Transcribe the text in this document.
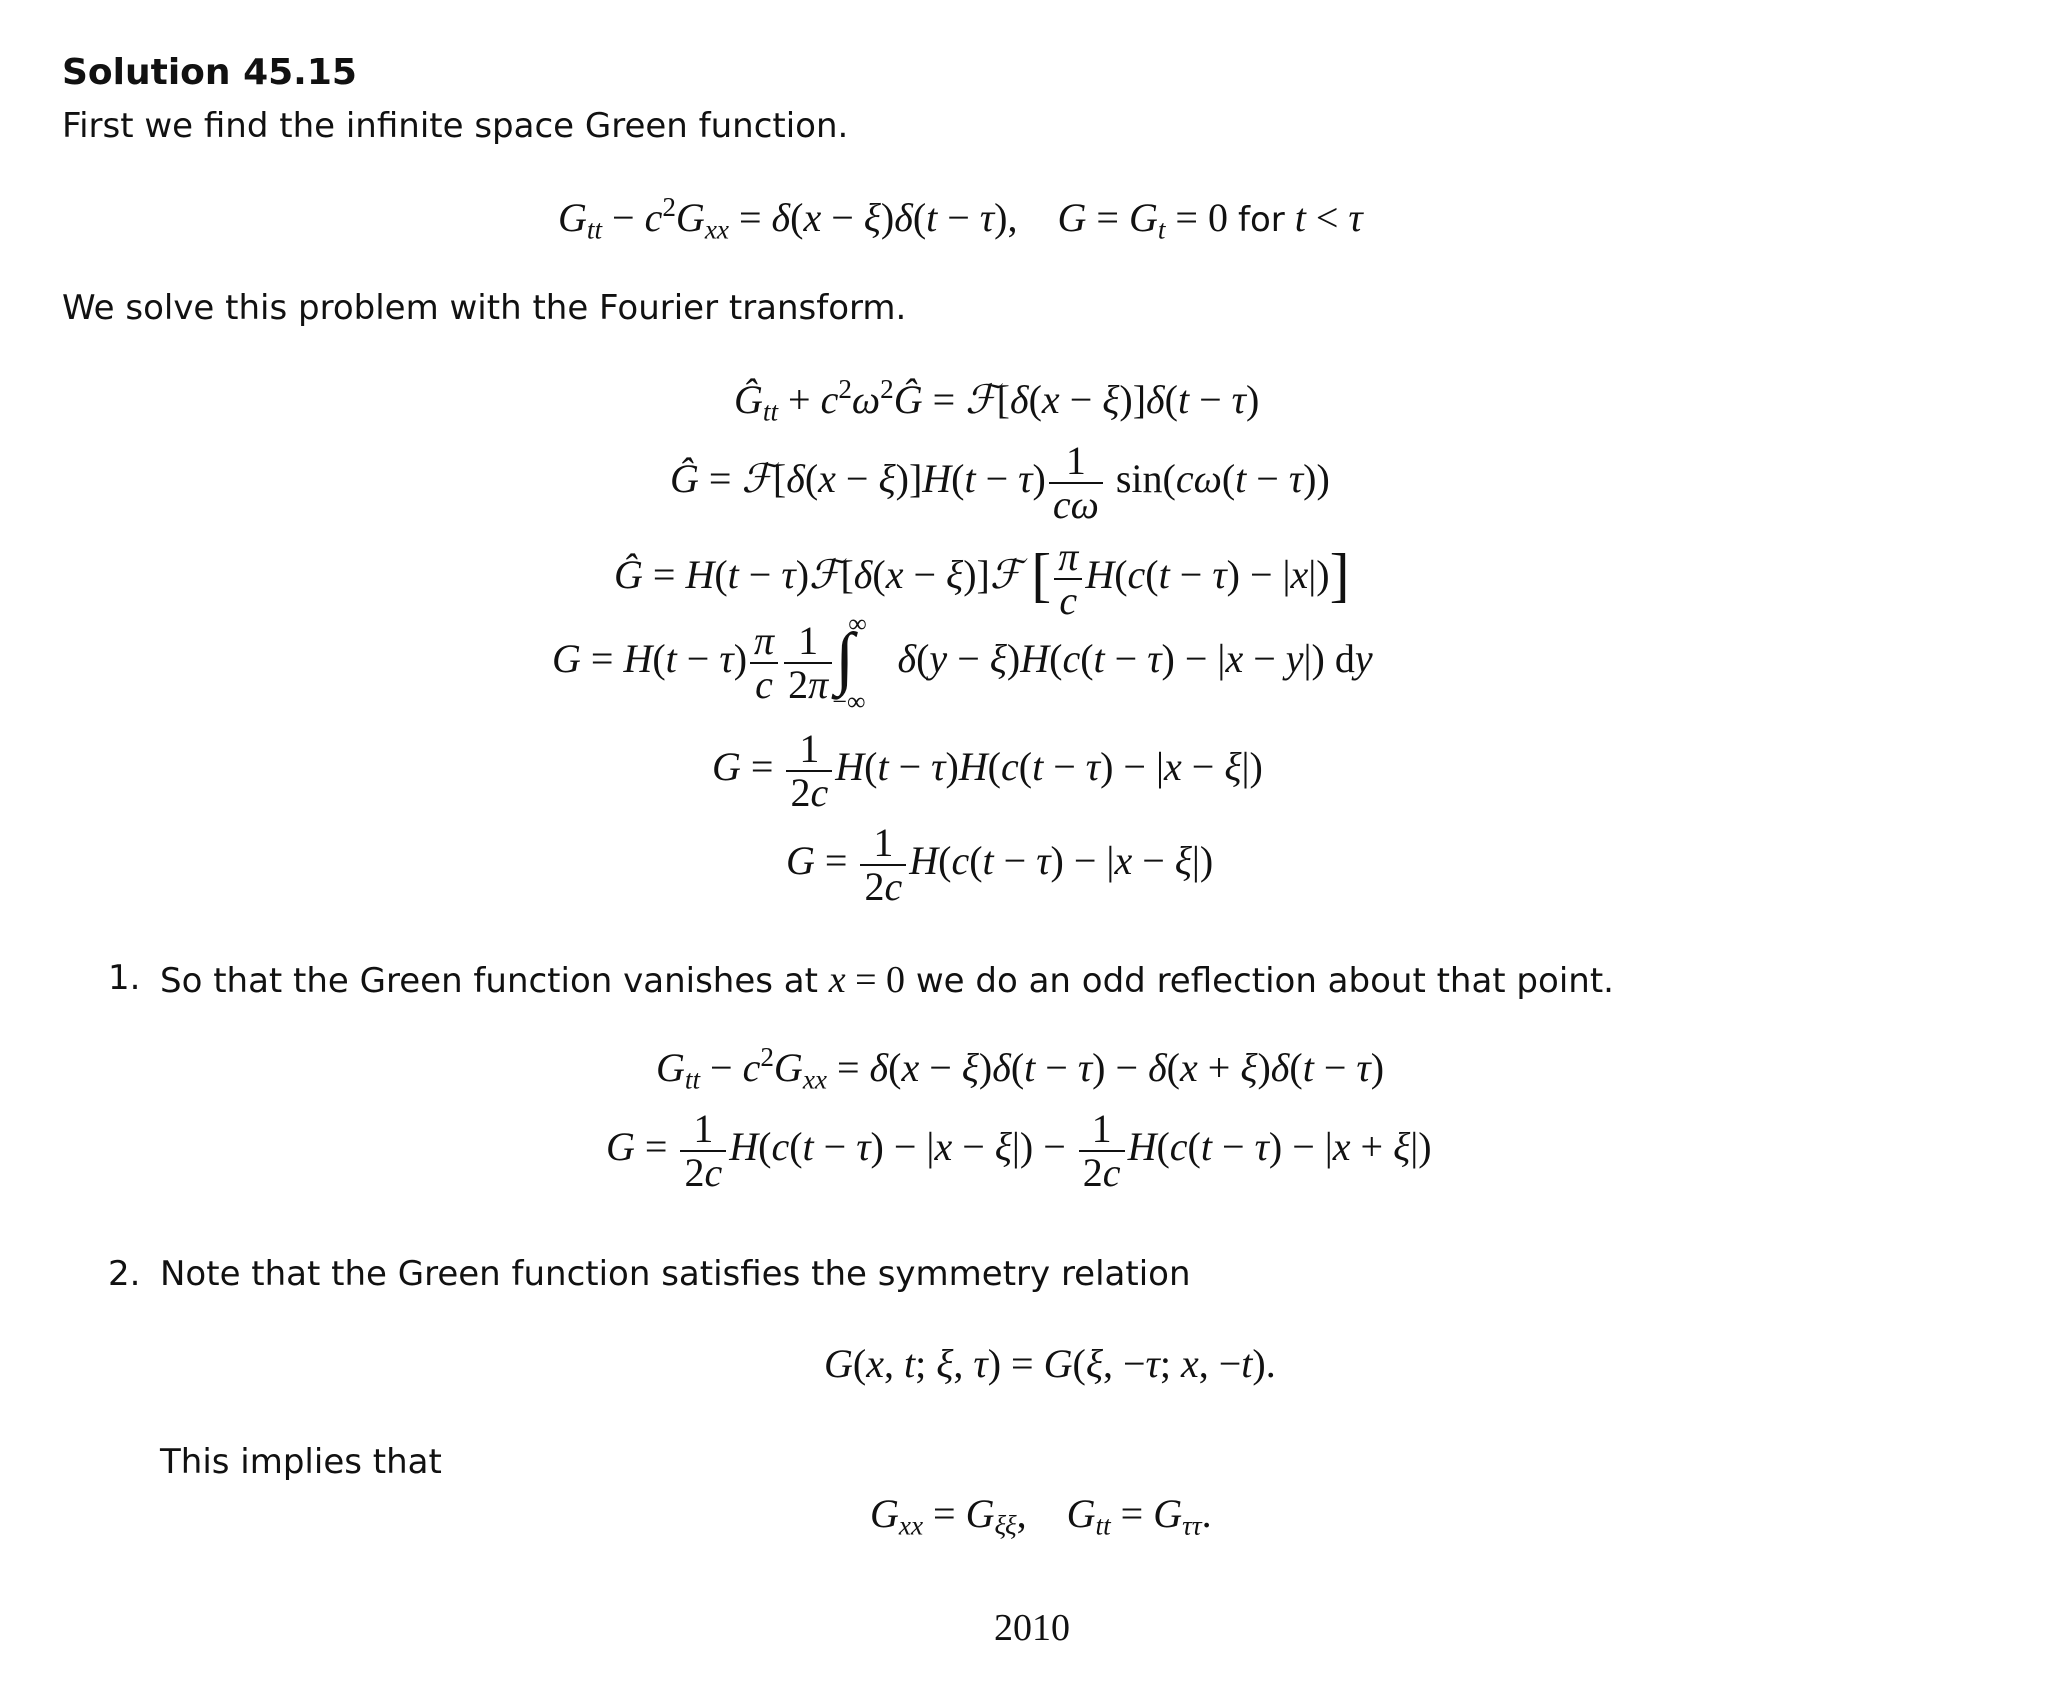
Solution 45.15
First we find the infinite space Green function.
$G_{tt} - c^2G_{xx} = \delta(x - \xi)\delta(t - \tau)$,    $G = G_t = 0$ for t < τ
We solve this problem with the Fourier transform.
$Ĝ_{tt}$ + $c^2\omega^2Ĝ$ = ℱ[δ(x − ξ)]δ(t − τ)
Ĝ = ℱ[δ(x − $\xi)]H(t - \tau) \frac{1}{c\omega} \sin(c\omega(t - \tau))$
Ĝ = H(t − τ)ℱ[δ(x − ξ)]ℱ [ $\frac{\pi}{c} H(c(t - \tau) - |x|)$]
$G = H(t - \tau) \frac{\pi}{c} \frac{1}{2\pi}$ ∫
∞
−∞
δ(y − ξ)H(c(t − τ) − |x − y|) dy
$G = \frac{1}{2c} H(t - \tau)H(c(t - \tau) - |x - \xi|)$
$G = \frac{1}{2c} H(c(t - \tau) - |x - \xi|)$
1. So that the Green function vanishes at x = 0 we do an odd reflection about that point.
$G_{tt} - c^2G_{xx} = \delta(x - \xi)\delta(t - \tau) - \delta(x + \xi)\delta(t - \tau)$
$G = \frac{1}{2c} H(c(t - \tau) - |x - \xi|) - \frac{1}{2c} H(c(t - \tau) - |x + \xi|)$
2. Note that the Green function satisfies the symmetry relation
G(x, t; ξ, τ) = G(ξ, −τ; x, −t).
This implies that
$G_{xx} = G_{\xi\xi}$,    $G_{tt} = G_{\tau\tau}$.
2010
